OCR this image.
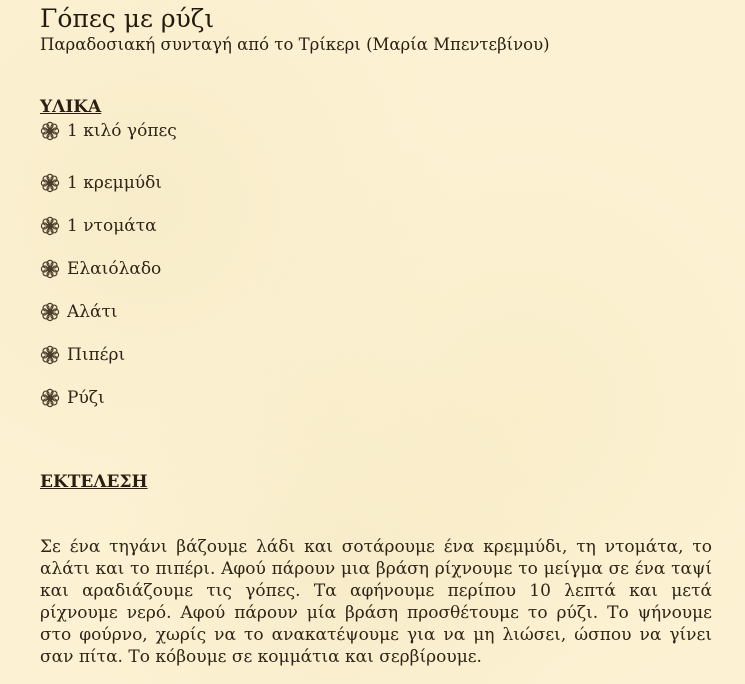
Γόπες με ρύζι
Παραδοσιακή συνταγή από το Τρίκερι (Μαρία Μπεντεβίνου)
ΥΛΙΚΑ
1 κιλό γόπες
1 κρεμμύδι
1 ντομάτα
Ελαιόλαδο
Αλάτι
Πιπέρι
Ρύζι
ΕΚΤΕΛΕΣΗ
Σε ένα τηγάνι βάζουμε λάδι και σοτάρουμε ένα κρεμμύδι, τη ντομάτα, το αλάτι και το πιπέρι. Αφού πάρουν μια βράση ρίχνουμε το μείγμα σε ένα ταψί και αραδιάζουμε τις γόπες. Τα αφήνουμε περίπου 10 λεπτά και μετά ρίχνουμε νερό. Αφού πάρουν μία βράση προσθέτουμε το ρύζι. Το ψήνουμε στο φούρνο, χωρίς να το ανακατέψουμε για να μη λιώσει, ώσπου να γίνει σαν πίτα. Το κόβουμε σε κομμάτια και σερβίρουμε.
